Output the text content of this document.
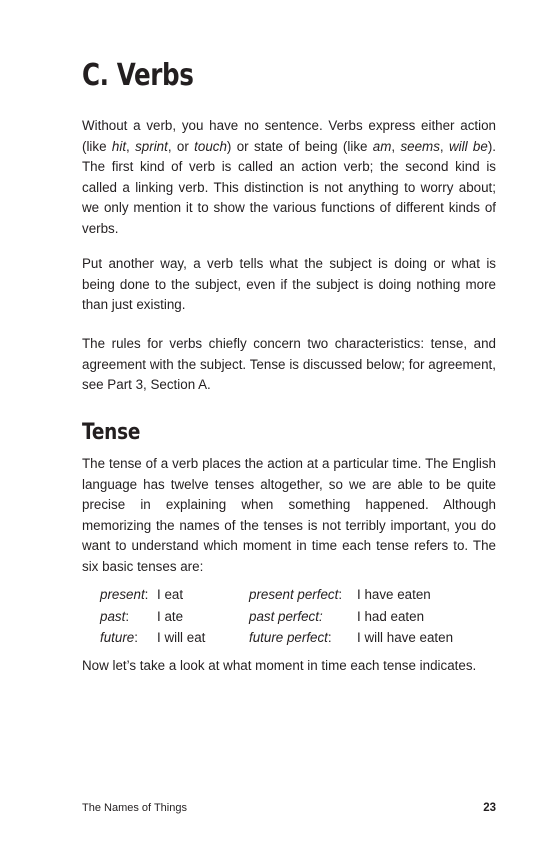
C. Verbs

Without a verb, you have no sentence. Verbs express either action (like hit, sprint, or touch) or state of being (like am, seems, will be). The first kind of verb is called an action verb; the second kind is called a linking verb. This distinction is not anything to worry about; we only mention it to show the various functions of different kinds of verbs.

Put another way, a verb tells what the subject is doing or what is being done to the subject, even if the subject is doing nothing more than just existing.

The rules for verbs chiefly concern two characteristics: tense, and agreement with the subject. Tense is discussed below; for agreement, see Part 3, Section A.

Tense

The tense of a verb places the action at a particular time. The English language has twelve tenses altogether, so we are able to be quite precise in explaining when something happened. Although memorizing the names of the tenses is not terribly important, you do want to understand which moment in time each tense refers to. The six basic tenses are:

present:	I eat	present perfect:	I have eaten
past:	I ate	past perfect:	I had eaten
future:	I will eat	future perfect:	I will have eaten

Now let’s take a look at what moment in time each tense indicates.

The Names of Things	23
